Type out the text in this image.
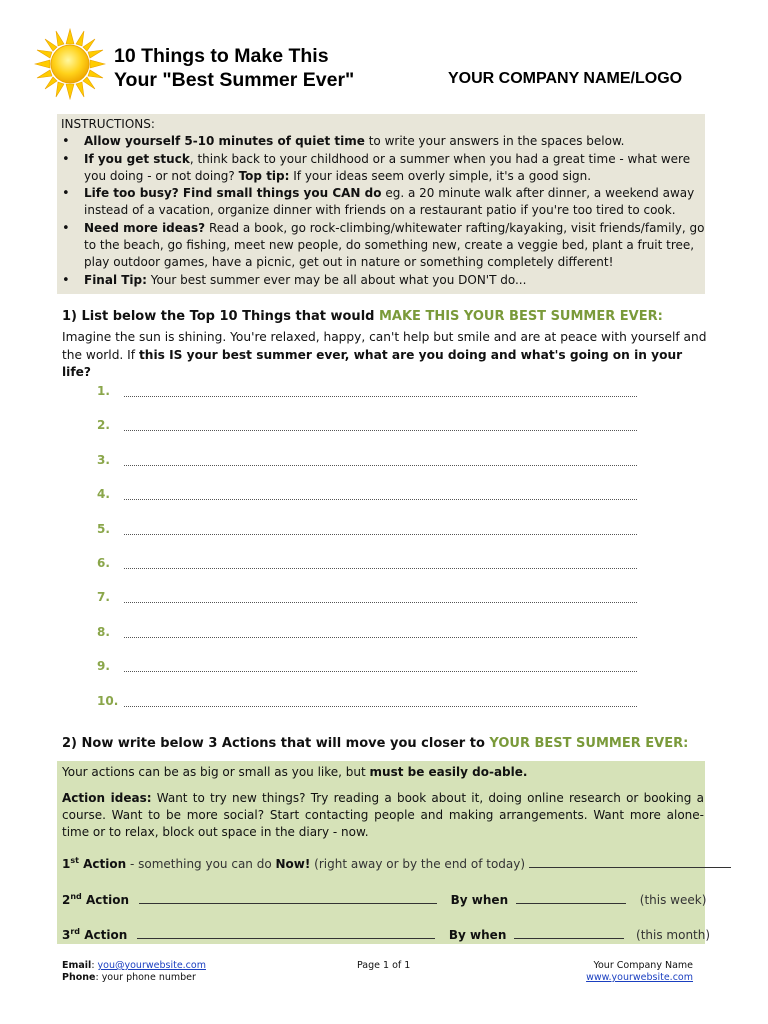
10 Things to Make This
Your "Best Summer Ever"	YOUR COMPANY NAME/LOGO

INSTRUCTIONS:

• Allow yourself 5-10 minutes of quiet time to write your answers in the spaces below.
• If you get stuck, think back to your childhood or a summer when you had a great time - what were you doing - or not doing? Top tip: If your ideas seem overly simple, it's a good sign.
• Life too busy? Find small things you CAN do eg. a 20 minute walk after dinner, a weekend away instead of a vacation, organize dinner with friends on a restaurant patio if you're too tired to cook.
• Need more ideas? Read a book, go rock-climbing/whitewater rafting/kayaking, visit friends/family, go to the beach, go fishing, meet new people, do something new, create a veggie bed, plant a fruit tree, play outdoor games, have a picnic, get out in nature or something completely different!
• Final Tip: Your best summer ever may be all about what you DON'T do...
1) List below the Top 10 Things that would MAKE THIS YOUR BEST SUMMER EVER:
Imagine the sun is shining. You're relaxed, happy, can't help but smile and are at peace with yourself and the world. If this IS your best summer ever, what are you doing and what's going on in your life?
1.
2.
3.
4.
5.
6.
7.
8.
9.
10.
2) Now write below 3 Actions that will move you closer to YOUR BEST SUMMER EVER:

Your actions can be as big or small as you like, but must be easily do-able.

Action ideas: Want to try new things? Try reading a book about it, doing online research or booking a course. Want to be more social? Start contacting people and making arrangements. Want more alone-time or to relax, block out space in the diary - now.

1st Action - something you can do Now! (right away or by the end of today)
2nd Action	By when	(this week)
3rd Action	By when	(this month)
Email: you@yourwebsite.com
Phone: your phone number
Page 1 of 1	Your Company Name
www.yourwebsite.com
